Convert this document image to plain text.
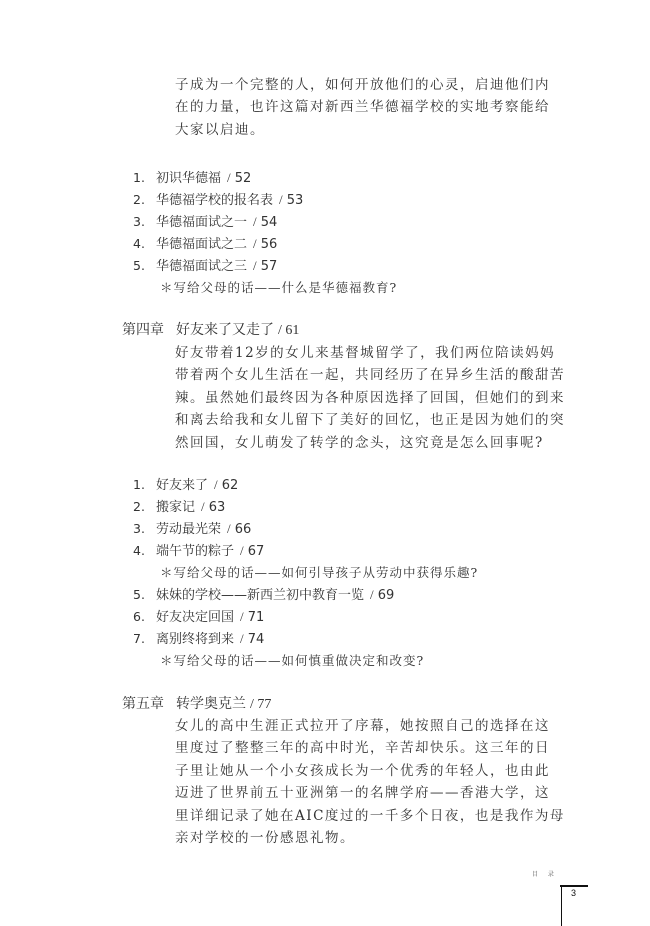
子成为一个完整的人，如何开放他们的心灵，启迪他们内
在的力量，也许这篇对新西兰华德福学校的实地考察能给
大家以启迪。

1. 初识华德福 / 52
2. 华德福学校的报名表 / 53
3. 华德福面试之一 / 54
4. 华德福面试之二 / 56
5. 华德福面试之三 / 57
＊写给父母的话——什么是华德福教育?
第四章 好友来了又走了 / 61

好友带着12岁的女儿来基督城留学了，我们两位陪读妈妈
带着两个女儿生活在一起，共同经历了在异乡生活的酸甜苦
辣。虽然她们最终因为各种原因选择了回国，但她们的到来
和离去给我和女儿留下了美好的回忆，也正是因为她们的突
然回国，女儿萌发了转学的念头，这究竟是怎么回事呢?

1. 好友来了 / 62
2. 搬家记 / 63
3. 劳动最光荣 / 66
4. 端午节的粽子 / 67
＊写给父母的话——如何引导孩子从劳动中获得乐趣?
5. 妹妹的学校——新西兰初中教育一览 / 69
6. 好友决定回国 / 71
7. 离别终将到来 / 74
＊写给父母的话——如何慎重做决定和改变?
第五章 转学奥克兰 / 77

女儿的高中生涯正式拉开了序幕，她按照自己的选择在这
里度过了整整三年的高中时光，辛苦却快乐。这三年的日
子里让她从一个小女孩成长为一个优秀的年轻人，也由此
迈进了世界前五十亚洲第一的名牌学府——香港大学，这
里详细记录了她在AIC度过的一千多个日夜，也是我作为母
亲对学校的一份感恩礼物。

目 录
3
